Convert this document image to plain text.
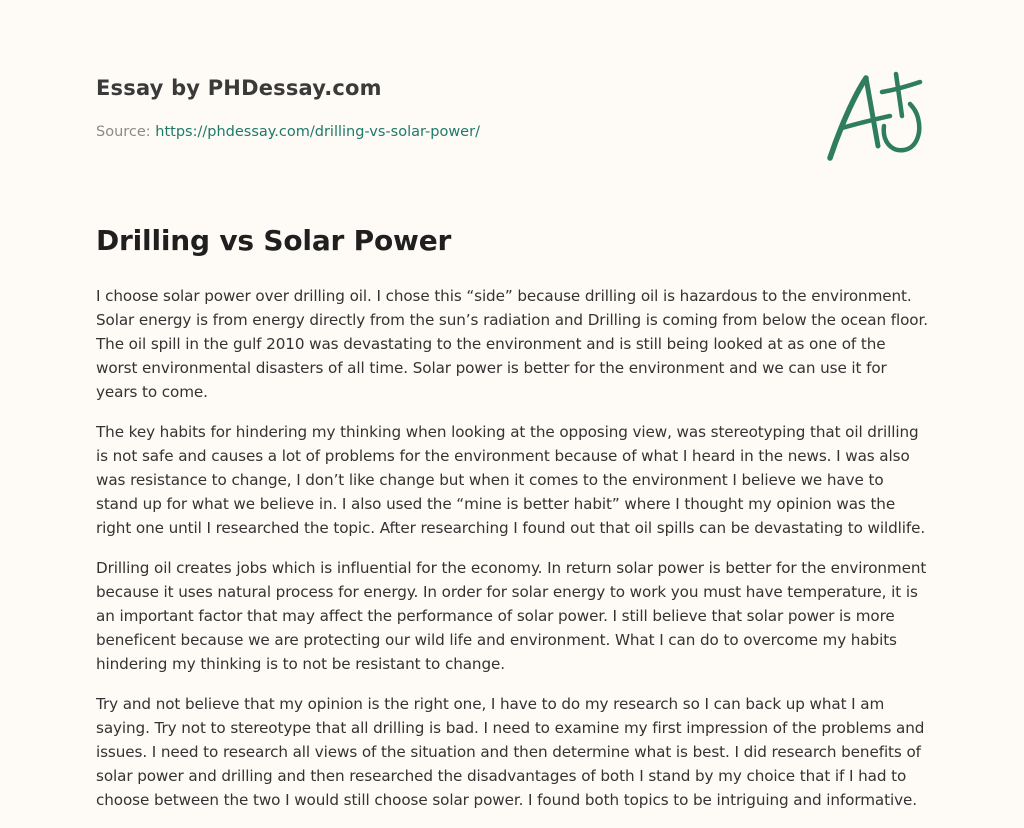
Essay by PHDessay.com
Source: https://phdessay.com/drilling-vs-solar-power/
Drilling vs Solar Power

I choose solar power over drilling oil. I chose this “side” because drilling oil is hazardous to the environment. Solar energy is from energy directly from the sun’s radiation and Drilling is coming from below the ocean floor. The oil spill in the gulf 2010 was devastating to the environment and is still being looked at as one of the worst environmental disasters of all time. Solar power is better for the environment and we can use it for years to come.

The key habits for hindering my thinking when looking at the opposing view, was stereotyping that oil drilling is not safe and causes a lot of problems for the environment because of what I heard in the news. I was also was resistance to change, I don’t like change but when it comes to the environment I believe we have to stand up for what we believe in. I also used the “mine is better habit” where I thought my opinion was the right one until I researched the topic. After researching I found out that oil spills can be devastating to wildlife.

Drilling oil creates jobs which is influential for the economy. In return solar power is better for the environment because it uses natural process for energy. In order for solar energy to work you must have temperature, it is an important factor that may affect the performance of solar power. I still believe that solar power is more beneficent because we are protecting our wild life and environment. What I can do to overcome my habits hindering my thinking is to not be resistant to change.

Try and not believe that my opinion is the right one, I have to do my research so I can back up what I am saying. Try not to stereotype that all drilling is bad. I need to examine my first impression of the problems and issues. I need to research all views of the situation and then determine what is best. I did research benefits of solar power and drilling and then researched the disadvantages of both I stand by my choice that if I had to choose between the two I would still choose solar power. I found both topics to be intriguing and informative.
